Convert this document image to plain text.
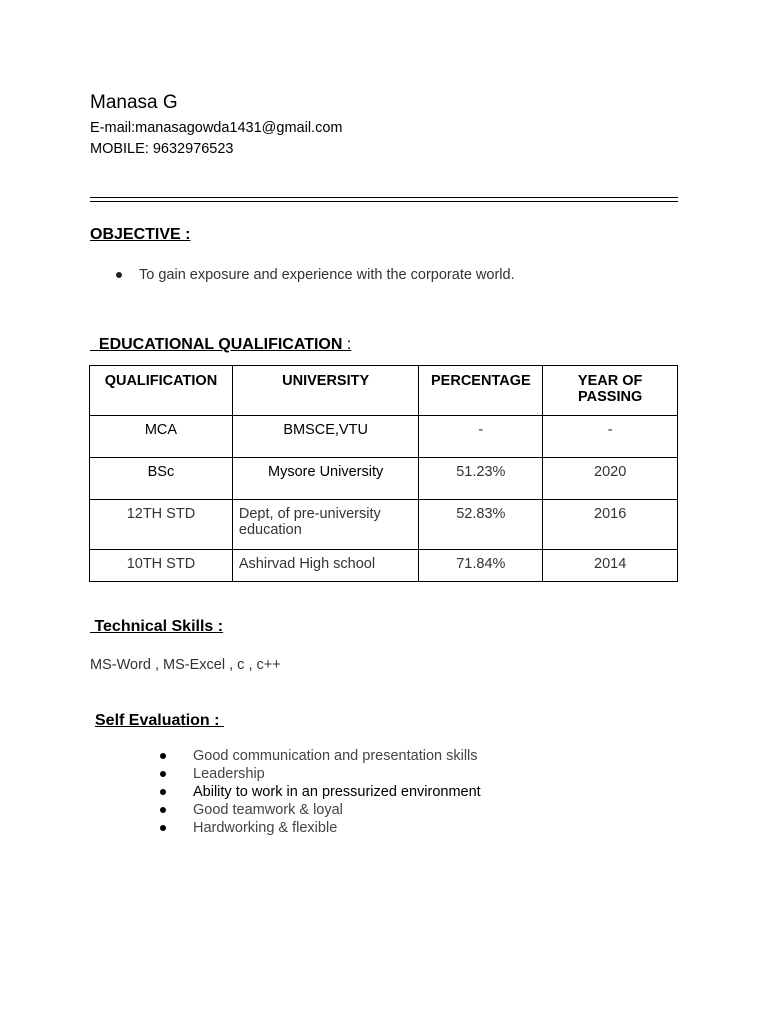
Manasa G
E-mail:manasagowda1431@gmail.com
MOBILE: 9632976523
OBJECTIVE :
To gain exposure and experience with the corporate world.

EDUCATIONAL QUALIFICATION :

QUALIFICATION	UNIVERSITY	PERCENTAGE	YEAR OF PASSING
MCA	BMSCE,VTU	-	-
BSc	Mysore University	51.23%	2020
12TH STD	Dept, of pre-university education	52.83%	2016
10TH STD	Ashirvad High school	71.84%	2014
Technical Skills :
MS-Word , MS-Excel , c , c++
Self Evaluation :
Good communication and presentation skills
Leadership
Ability to work in an pressurized environment
Good teamwork & loyal
Hardworking & flexible
